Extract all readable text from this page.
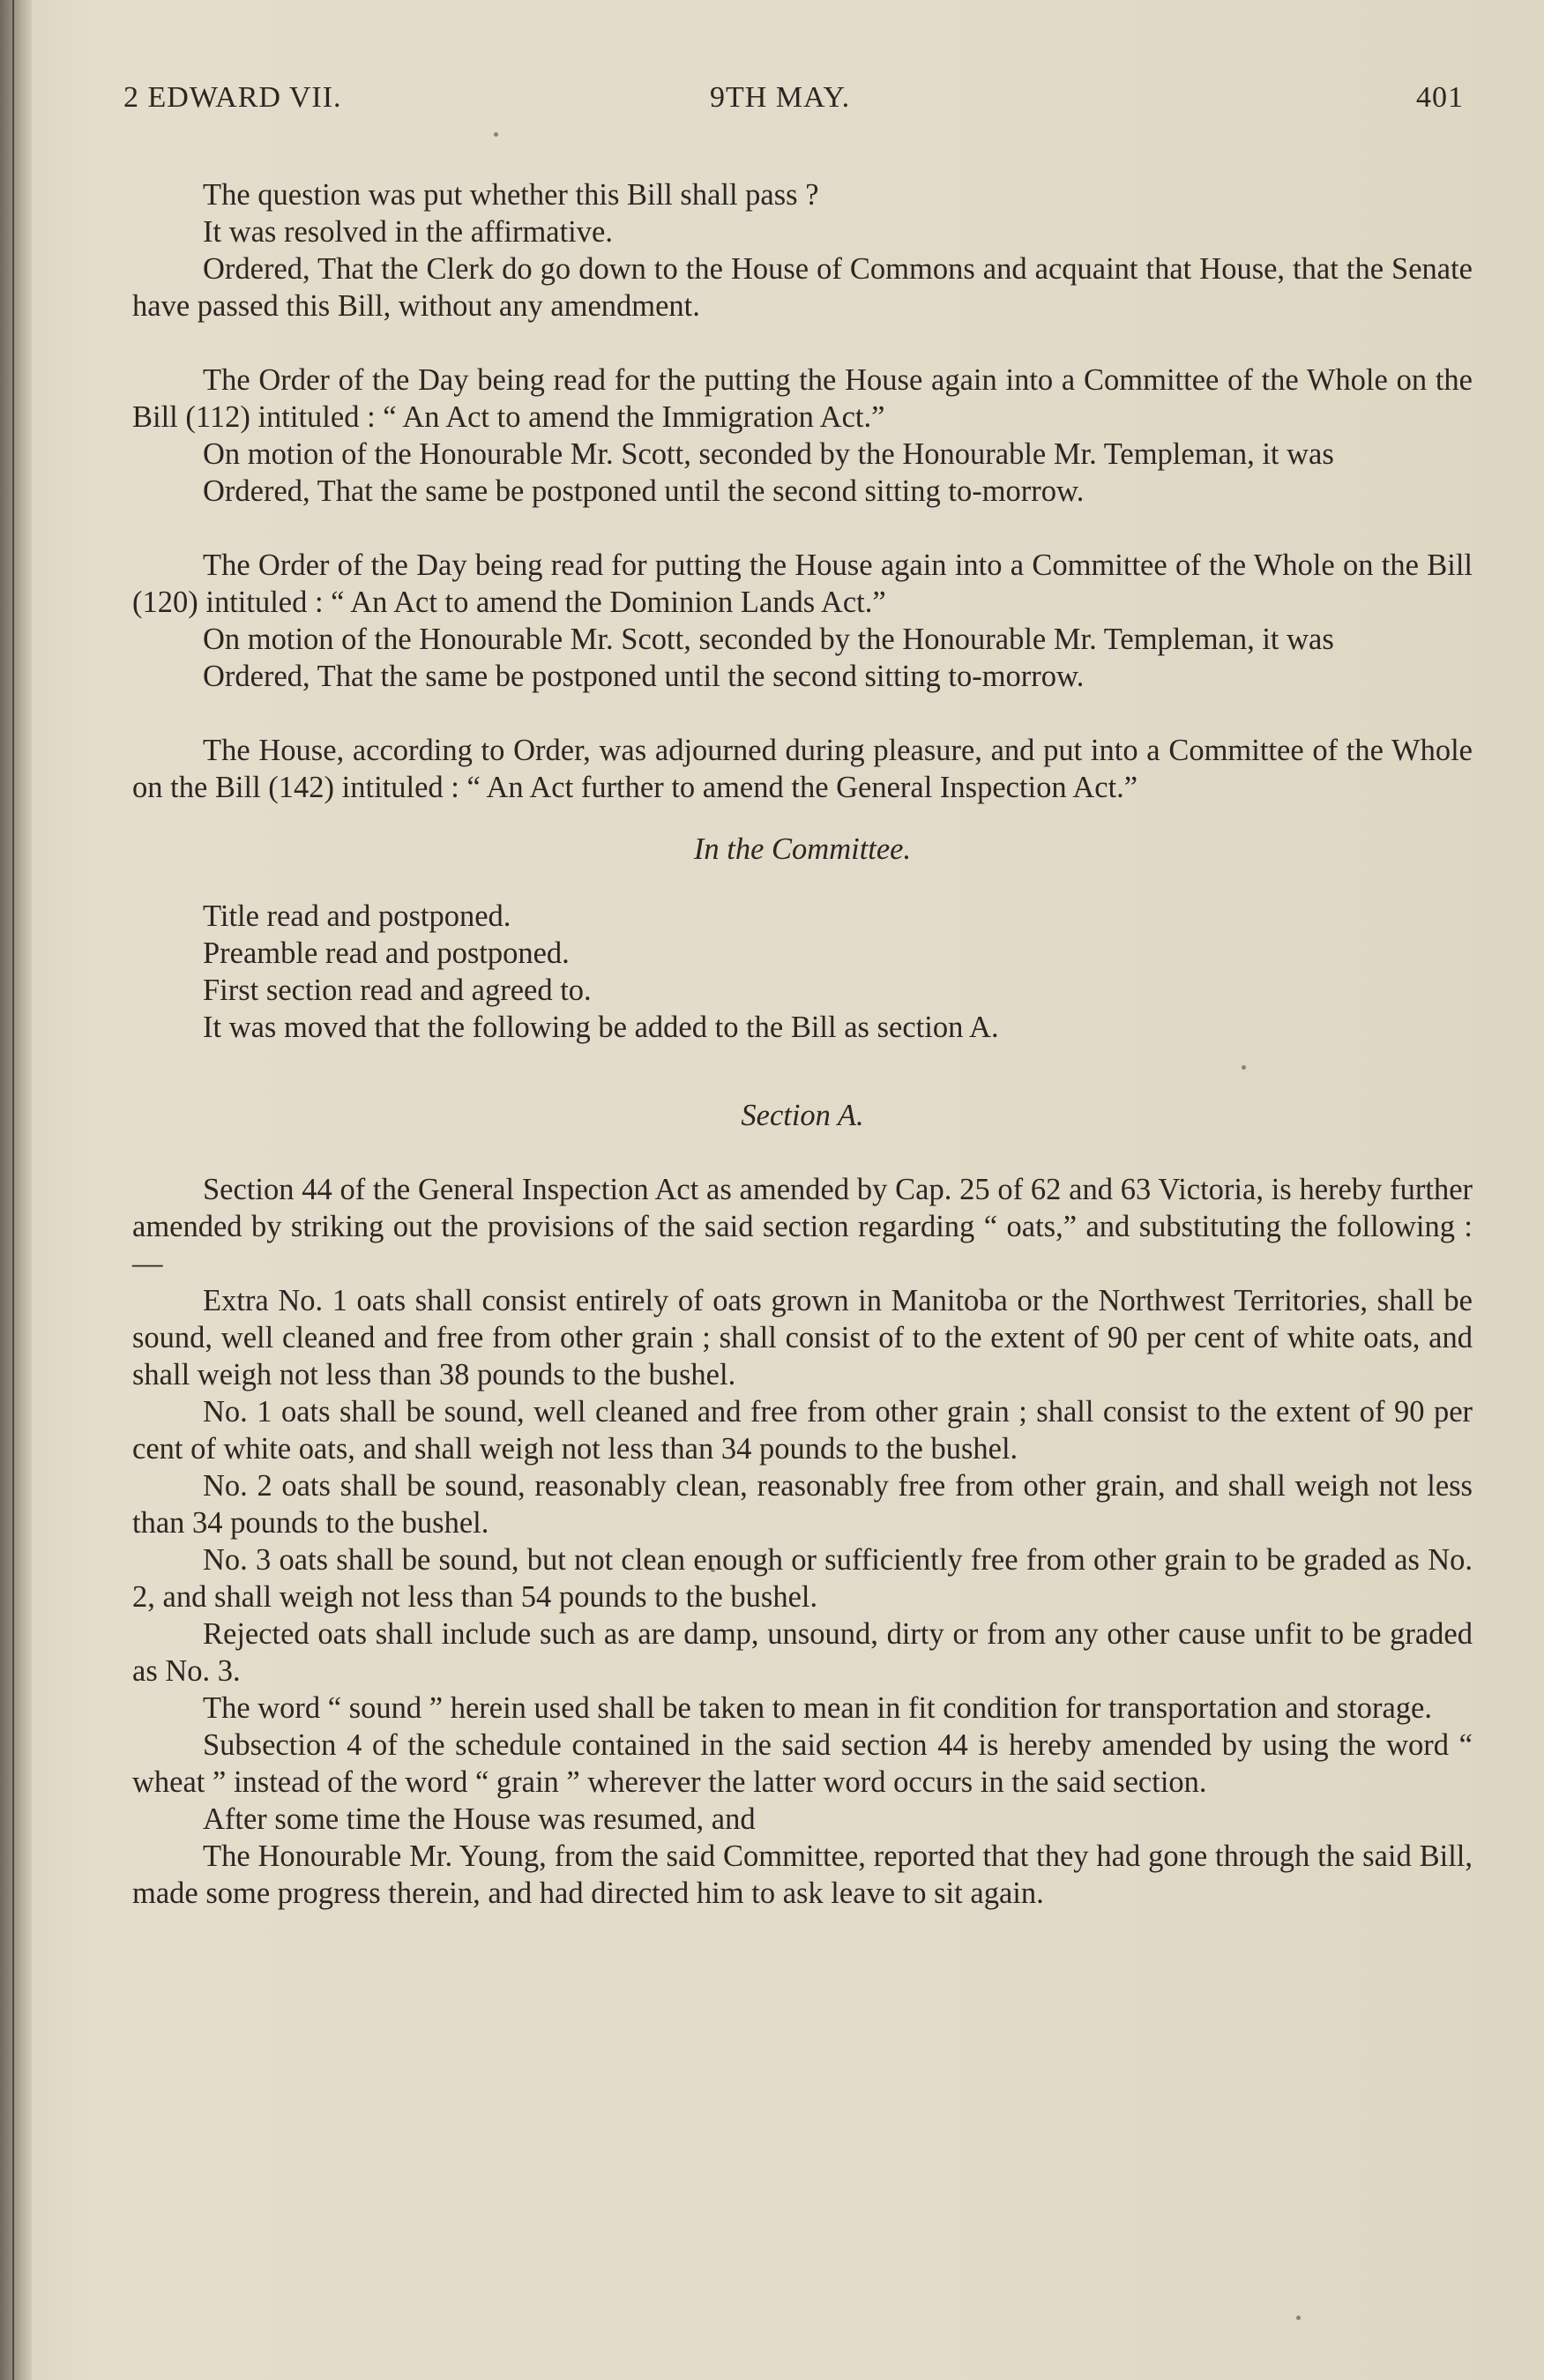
2 EDWARD VII.	9TH MAY.	401

The question was put whether this Bill shall pass ?

It was resolved in the affirmative.

Ordered, That the Clerk do go down to the House of Commons and acquaint that House, that the Senate have passed this Bill, without any amendment.

The Order of the Day being read for the putting the House again into a Committee of the Whole on the Bill (112) intituled : “ An Act to amend the Immigration Act.”

On motion of the Honourable Mr. Scott, seconded by the Honourable Mr. Templeman, it was

Ordered, That the same be postponed until the second sitting to-morrow.

The Order of the Day being read for putting the House again into a Committee of the Whole on the Bill (120) intituled : “ An Act to amend the Dominion Lands Act.”

On motion of the Honourable Mr. Scott, seconded by the Honourable Mr. Templeman, it was

Ordered, That the same be postponed until the second sitting to-morrow.

The House, according to Order, was adjourned during pleasure, and put into a Committee of the Whole on the Bill (142) intituled : “ An Act further to amend the General Inspection Act.”

In the Committee.

Title read and postponed.

Preamble read and postponed.

First section read and agreed to.

It was moved that the following be added to the Bill as section A.

Section A.

Section 44 of the General Inspection Act as amended by Cap. 25 of 62 and 63 Victoria, is hereby further amended by striking out the provisions of the said section regarding “ oats,” and substituting the following :—

Extra No. 1 oats shall consist entirely of oats grown in Manitoba or the Northwest Territories, shall be sound, well cleaned and free from other grain ; shall consist of to the extent of 90 per cent of white oats, and shall weigh not less than 38 pounds to the bushel.

No. 1 oats shall be sound, well cleaned and free from other grain ; shall consist to the extent of 90 per cent of white oats, and shall weigh not less than 34 pounds to the bushel.

No. 2 oats shall be sound, reasonably clean, reasonably free from other grain, and shall weigh not less than 34 pounds to the bushel.

No. 3 oats shall be sound, but not clean enough or sufficiently free from other grain to be graded as No. 2, and shall weigh not less than 54 pounds to the bushel.

Rejected oats shall include such as are damp, unsound, dirty or from any other cause unfit to be graded as No. 3.

The word “ sound ” herein used shall be taken to mean in fit condition for transportation and storage.

Subsection 4 of the schedule contained in the said section 44 is hereby amended by using the word “ wheat ” instead of the word “ grain ” wherever the latter word occurs in the said section.

After some time the House was resumed, and

The Honourable Mr. Young, from the said Committee, reported that they had gone through the said Bill, made some progress therein, and had directed him to ask leave to sit again.
